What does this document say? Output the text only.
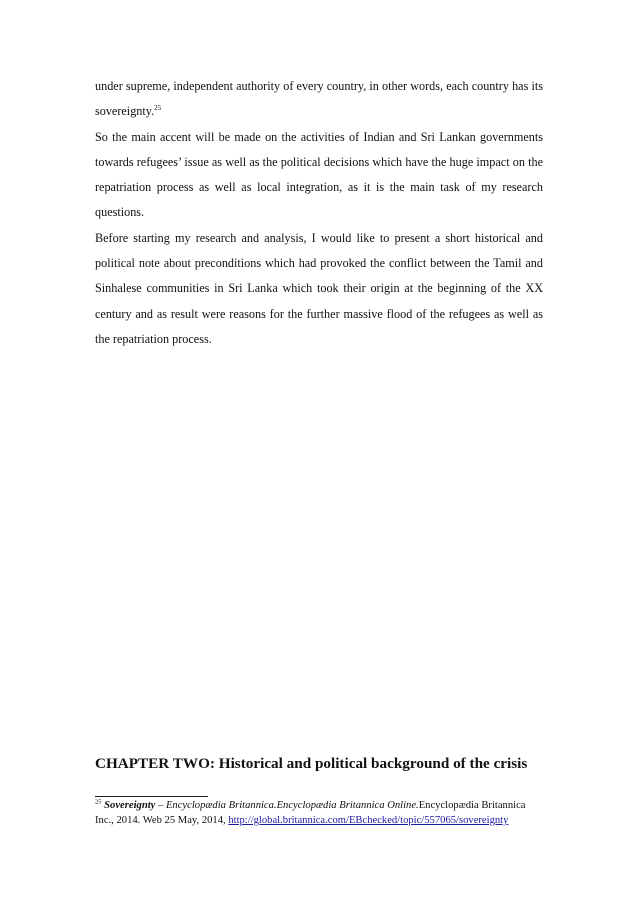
under supreme, independent authority of every country, in other words, each country has its sovereignty.$^{25}$

So the main accent will be made on the activities of Indian and Sri Lankan governments towards refugees’ issue as well as the political decisions which have the huge impact on the repatriation process as well as local integration, as it is the main task of my research questions.

Before starting my research and analysis, I would like to present a short historical and political note about preconditions which had provoked the conflict between the Tamil and Sinhalese communities in Sri Lanka which took their origin at the beginning of the XX century and as result were reasons for the further massive flood of the refugees as well as the repatriation process.

CHAPTER TWO: Historical and political background of the crisis
$^{25}$ Sovereignty – Encyclopædia Britannica.Encyclopædia Britannica Online.Encyclopædia Britannica Inc., 2014. Web 25 May, 2014, http://global.britannica.com/EBchecked/topic/557065/sovereignty
